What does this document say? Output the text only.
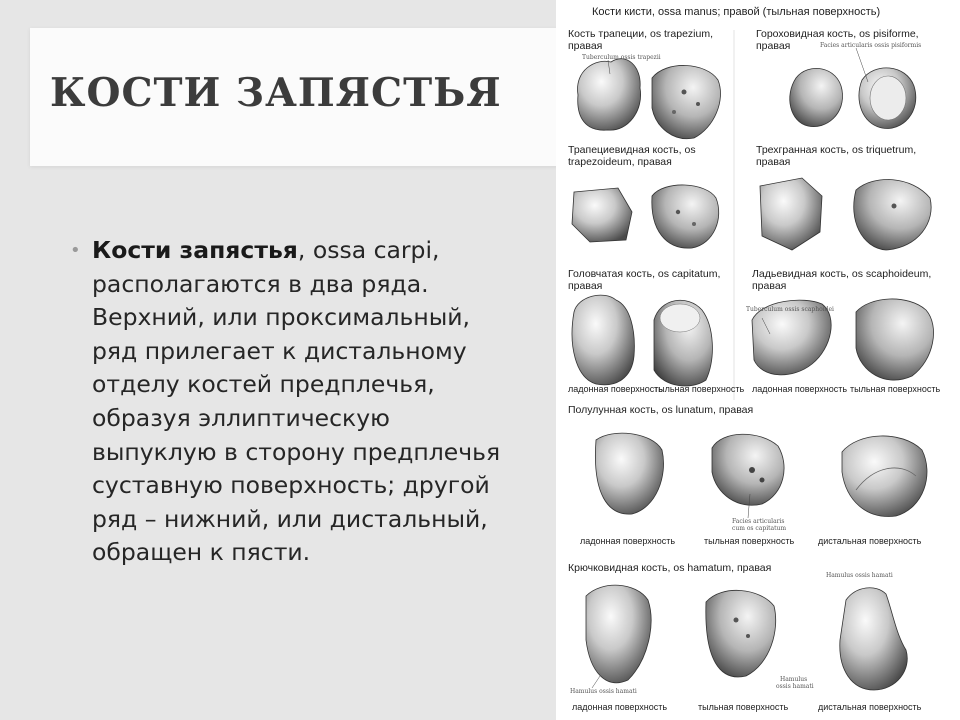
КОСТИ ЗАПЯСТЬЯ

• Кости запястья, ossa carpi, располагаются в два ряда. Верхний, или проксимальный, ряд прилегает к дистальному отделу костей предплечья, образуя эллиптическую выпуклую в сторону предплечья суставную поверхность; другой ряд – нижний, или дистальный, обращен к пясти.

Кости кисти, ossa manus; правой (тыльная поверхность)
Кость трапеции, os trapezium,
правая
Tuberculum ossis trapezii
Гороховидная кость, os pisiforme,
правая	Facies articularis ossis pisiformis
Трапециевидная кость, os
trapezoideum, правая
Трехгранная кость, os triquetrum,
правая
Головчатая кость, os capitatum,
правая
ладонная поверхность
тыльная поверхность
Ладьевидная кость, os scaphoideum,
правая
Tuberculum ossis scaphoidei
ладонная поверхность тыльная поверхность
Полулунная кость, os lunatum, правая
Facies articularis
cum os capitatum
ладонная поверхность	тыльная поверхность	дистальная поверхность
Крючковидная кость, os hamatum, правая
Hamulus ossis hamati
Hamulus ossis hamati
Hamulus
ossis hamati
ладонная поверхность	тыльная поверхность	дистальная поверхность
